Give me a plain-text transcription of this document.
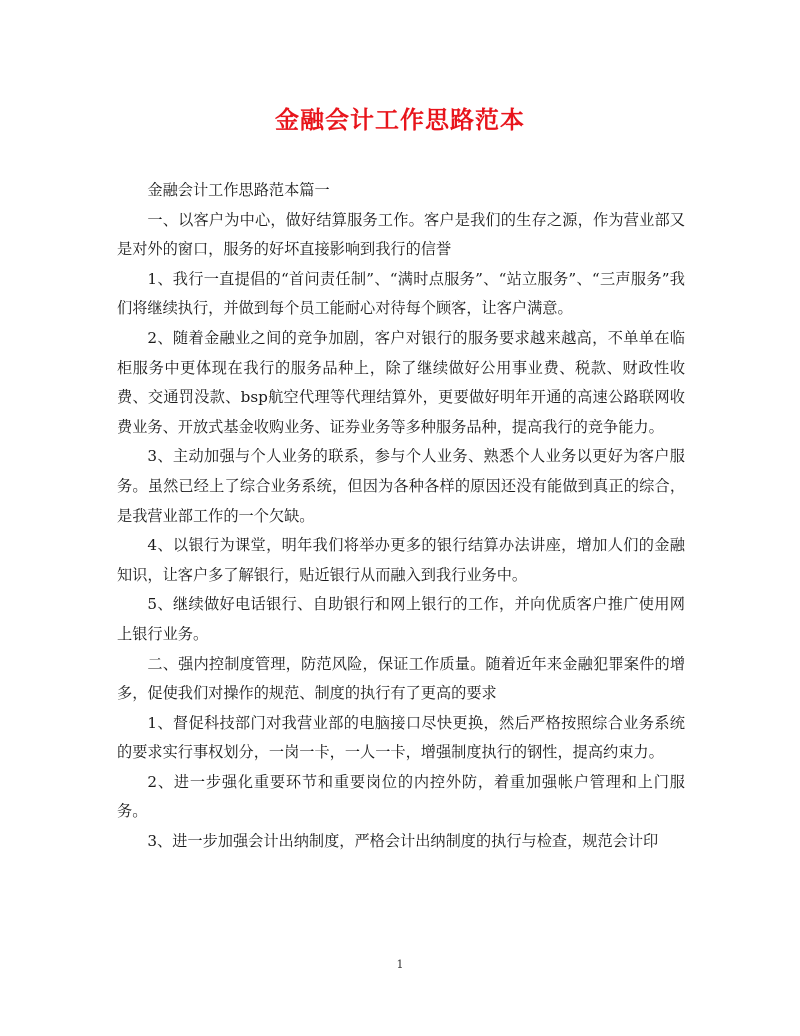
金融会计工作思路范本

金融会计工作思路范本篇一

一、以客户为中心，做好结算服务工作。客户是我们的生存之源，作为营业部又是对外的窗口，服务的好坏直接影响到我行的信誉

1、我行一直提倡的“首问责任制”、“满时点服务”、“站立服务”、“三声服务”我们将继续执行，并做到每个员工能耐心对待每个顾客，让客户满意。

2、随着金融业之间的竞争加剧，客户对银行的服务要求越来越高，不单单在临柜服务中更体现在我行的服务品种上，除了继续做好公用事业费、税款、财政性收费、交通罚没款、bsp航空代理等代理结算外，更要做好明年开通的高速公路联网收费业务、开放式基金收购业务、证券业务等多种服务品种，提高我行的竞争能力。

3、主动加强与个人业务的联系，参与个人业务、熟悉个人业务以更好为客户服务。虽然已经上了综合业务系统，但因为各种各样的原因还没有能做到真正的综合，是我营业部工作的一个欠缺。

4、以银行为课堂，明年我们将举办更多的银行结算办法讲座，增加人们的金融知识，让客户多了解银行，贴近银行从而融入到我行业务中。

5、继续做好电话银行、自助银行和网上银行的工作，并向优质客户推广使用网上银行业务。

二、强内控制度管理，防范风险，保证工作质量。随着近年来金融犯罪案件的增多，促使我们对操作的规范、制度的执行有了更高的要求

1、督促科技部门对我营业部的电脑接口尽快更换，然后严格按照综合业务系统的要求实行事权划分，一岗一卡，一人一卡，增强制度执行的钢性，提高约束力。

2、进一步强化重要环节和重要岗位的内控外防，着重加强帐户管理和上门服务。

3、进一步加强会计出纳制度，严格会计出纳制度的执行与检查，规范会计印

1
